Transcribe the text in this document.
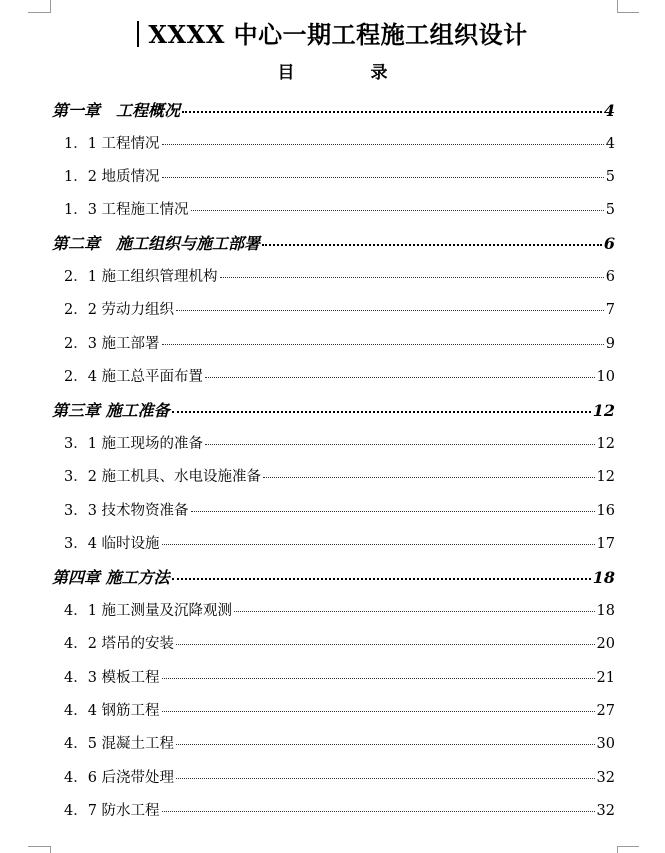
XXXX 中心一期工程施工组织设计
目	录
第一章　工程概况	4
1．1 工程情况	4
1．2 地质情况	5
1．3 工程施工情况	5
第二章　施工组织与施工部署	6
2．1 施工组织管理机构	6
2．2 劳动力组织	7
2．3 施工部署	9
2．4 施工总平面布置	10
第三章 施工准备	12
3．1 施工现场的准备	12
3．2 施工机具、水电设施准备	12
3．3 技术物资准备	16
3．4 临时设施	17
第四章 施工方法	18
4．1 施工测量及沉降观测	18
4．2 塔吊的安装	20
4．3 模板工程	21
4．4 钢筋工程	27
4．5 混凝土工程	30
4．6 后浇带处理	32
4．7 防水工程	32
